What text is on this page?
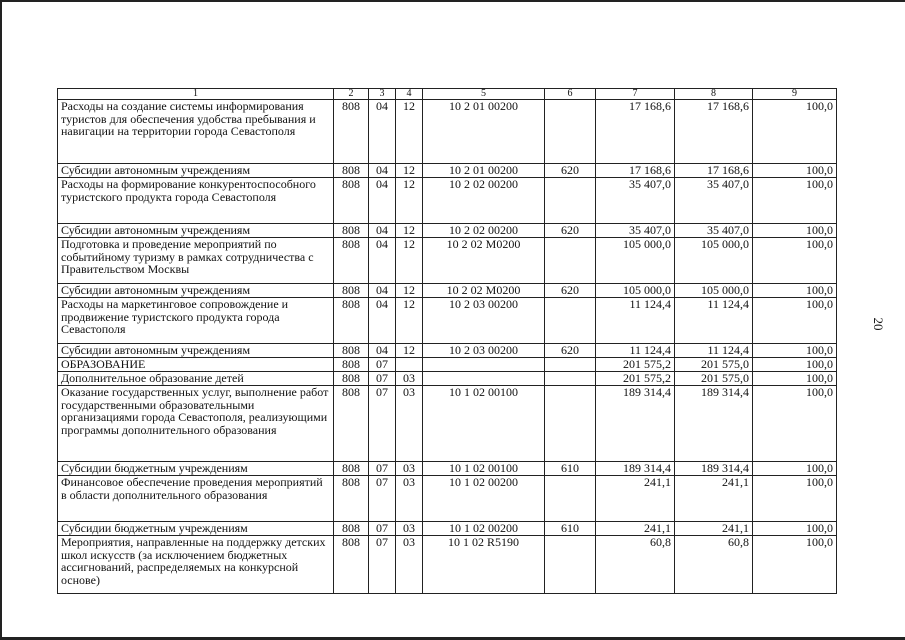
20
1	2	3	4	5	6	7	8	9
Расходы на создание системы информирования туристов для обеспечения удобства пребывания и навигации на территории города Севастополя	808	04	12	10 2 01 00200		17 168,6	17 168,6	100,0
Субсидии автономным учреждениям	808	04	12	10 2 01 00200	620	17 168,6	17 168,6	100,0
Расходы на формирование конкурентоспособного туристского продукта города Севастополя	808	04	12	10 2 02 00200		35 407,0	35 407,0	100,0
Субсидии автономным учреждениям	808	04	12	10 2 02 00200	620	35 407,0	35 407,0	100,0
Подготовка и проведение мероприятий по событийному туризму в рамках сотрудничества с Правительством Москвы	808	04	12	10 2 02 М0200		105 000,0	105 000,0	100,0
Субсидии автономным учреждениям	808	04	12	10 2 02 М0200	620	105 000,0	105 000,0	100,0
Расходы на маркетинговое сопровождение и продвижение туристского продукта города Севастополя	808	04	12	10 2 03 00200		11 124,4	11 124,4	100,0
Субсидии автономным учреждениям	808	04	12	10 2 03 00200	620	11 124,4	11 124,4	100,0
ОБРАЗОВАНИЕ	808	07				201 575,2	201 575,0	100,0
Дополнительное образование детей	808	07	03			201 575,2	201 575,0	100,0
Оказание государственных услуг, выполнение работ государственными образовательными организациями города Севастополя, реализующими программы дополнительного образования	808	07	03	10 1 02 00100		189 314,4	189 314,4	100,0
Субсидии бюджетным учреждениям	808	07	03	10 1 02 00100	610	189 314,4	189 314,4	100,0
Финансовое обеспечение проведения мероприятий в области дополнительного образования	808	07	03	10 1 02 00200		241,1	241,1	100,0
Субсидии бюджетным учреждениям	808	07	03	10 1 02 00200	610	241,1	241,1	100,0
Мероприятия, направленные на поддержку детских школ искусств (за исключением бюджетных ассигнований, распределяемых на конкурсной основе)	808	07	03	10 1 02 R5190		60,8	60,8	100,0
